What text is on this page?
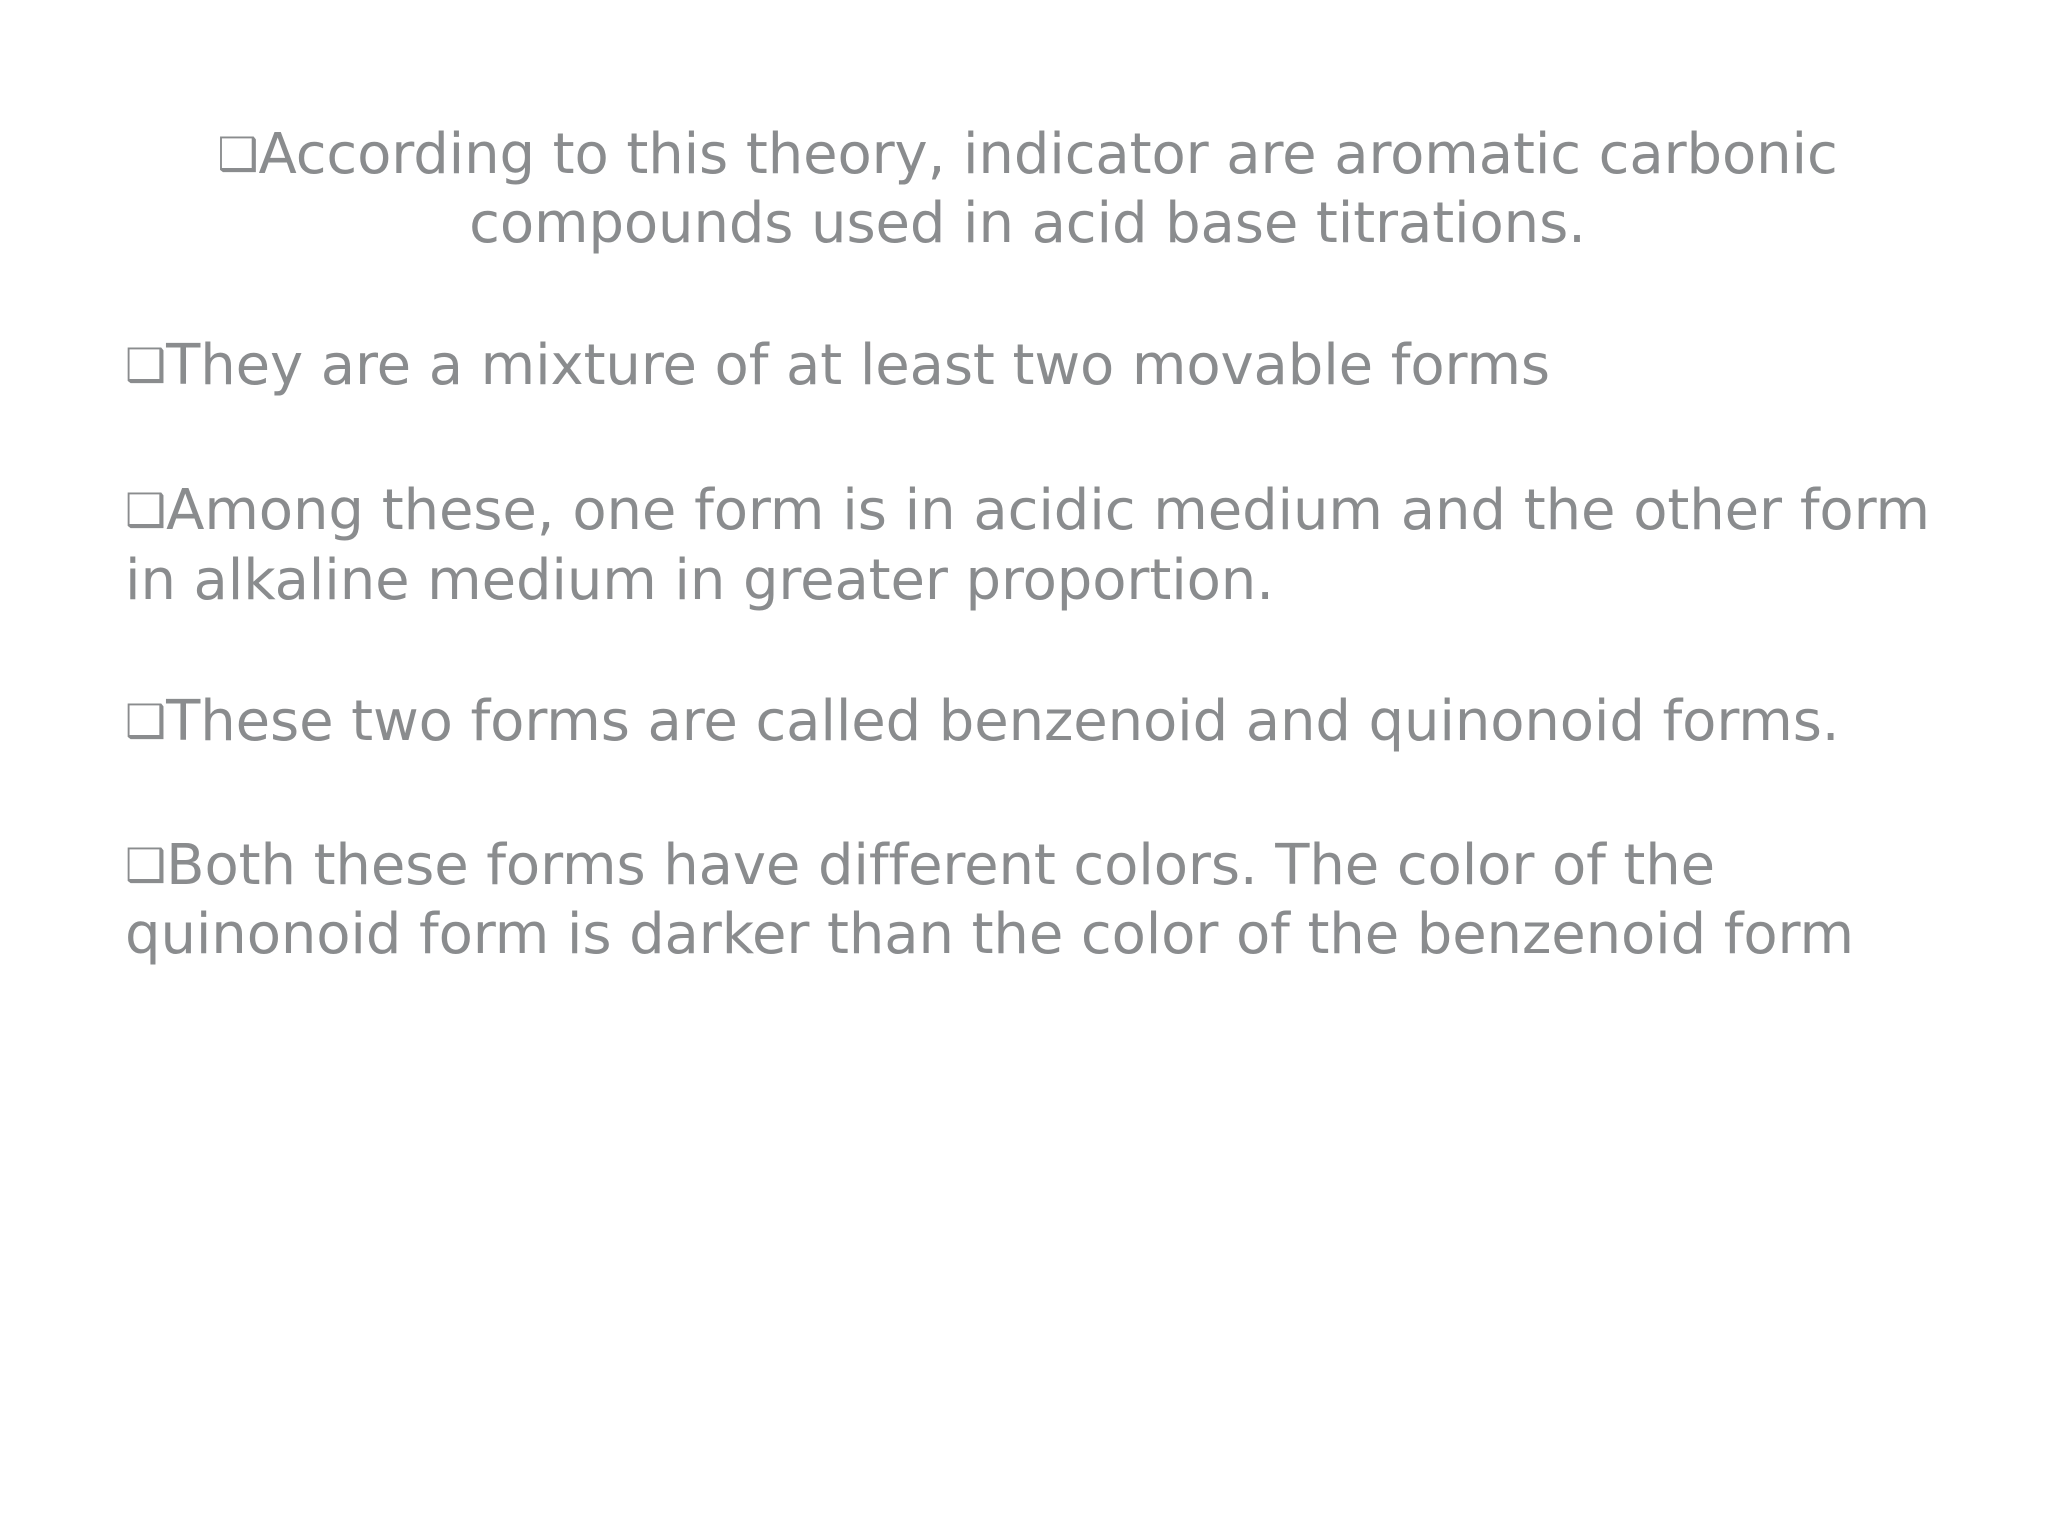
❑According to this theory, indicator are aromatic carbonic compounds used in acid base titrations.
❑They are a mixture of at least two movable forms
❑Among these, one form is in acidic medium and the other form in alkaline medium in greater proportion.
❑These two forms are called benzenoid and quinonoid forms.
❑Both these forms have different colors. The color of the quinonoid form is darker than the color of the benzenoid form
